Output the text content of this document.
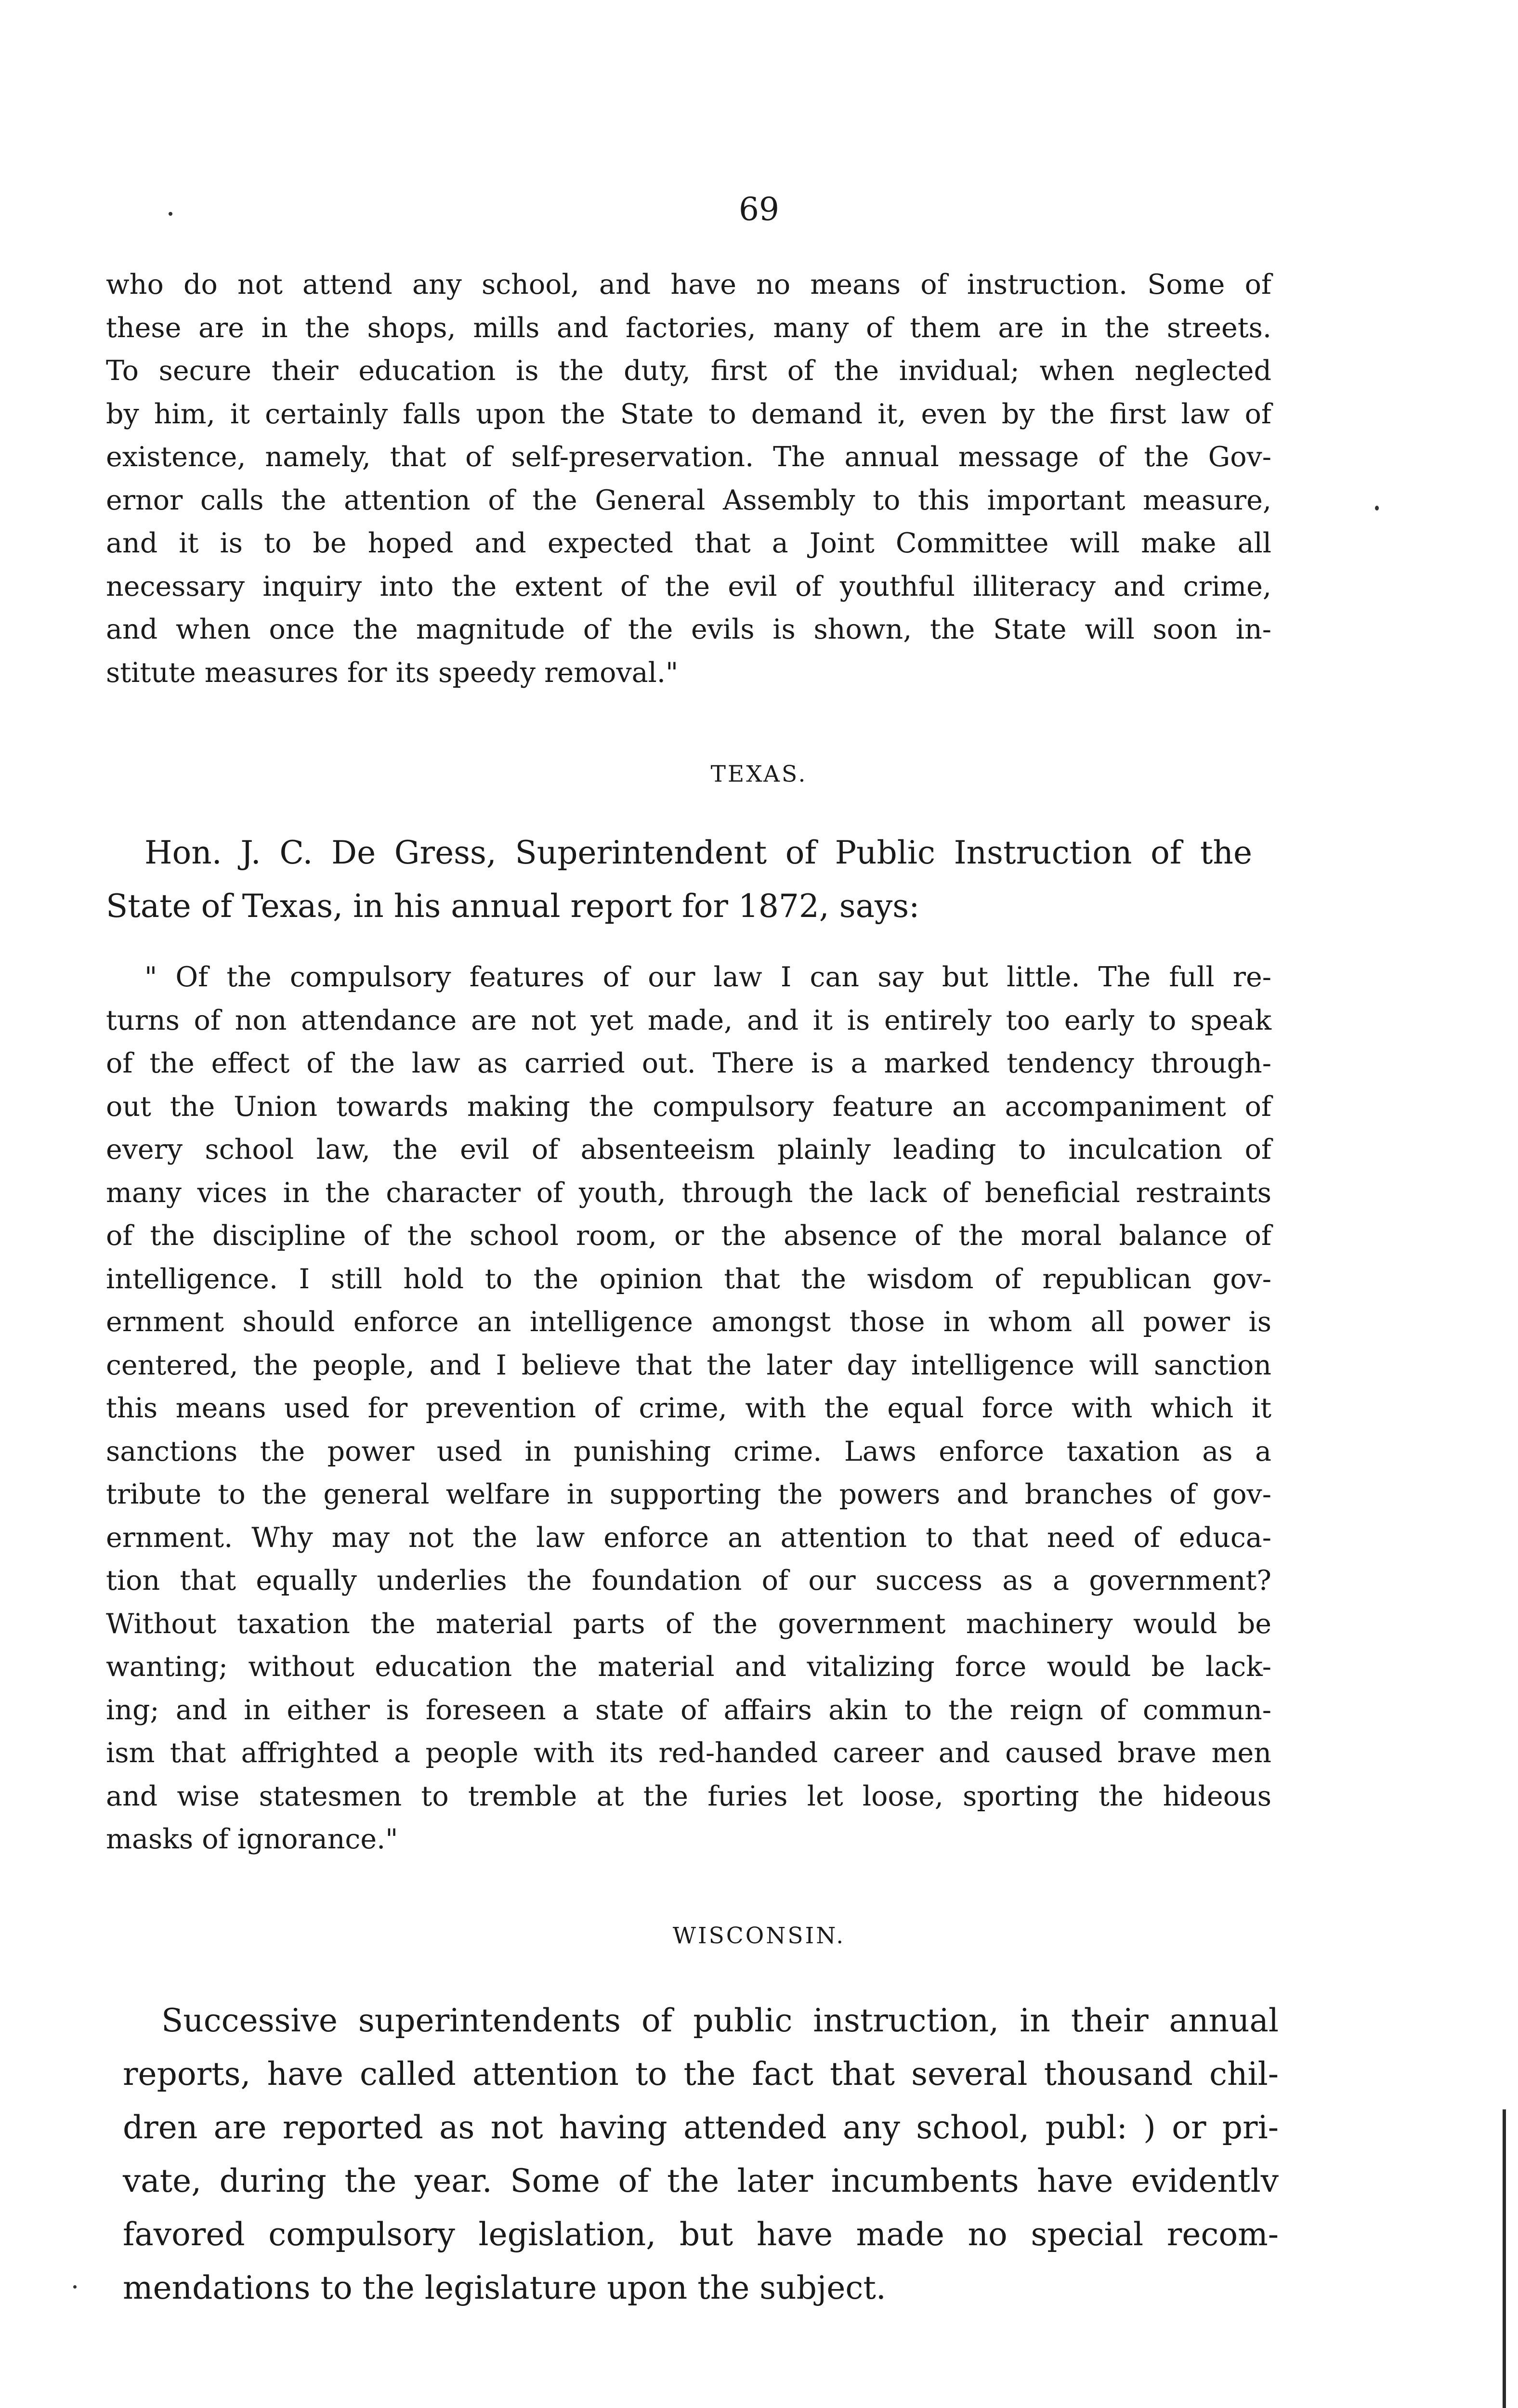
69
who do not attend any school, and have no means of instruction. Some of
these are in the shops, mills and factories, many of them are in the streets.
To secure their education is the duty, first of the invidual; when neglected
by him, it certainly falls upon the State to demand it, even by the first law of
existence, namely, that of self-preservation. The annual message of the Gov-
ernor calls the attention of the General Assembly to this important measure,
and it is to be hoped and expected that a Joint Committee will make all
necessary inquiry into the extent of the evil of youthful illiteracy and crime,
and when once the magnitude of the evils is shown, the State will soon in-
stitute measures for its speedy removal."
TEXAS.
Hon. J. C. De Gress, Superintendent of Public Instruction of the
State of Texas, in his annual report for 1872, says:
" Of the compulsory features of our law I can say but little. The full re-
turns of non attendance are not yet made, and it is entirely too early to speak
of the effect of the law as carried out. There is a marked tendency through-
out the Union towards making the compulsory feature an accompaniment of
every school law, the evil of absenteeism plainly leading to inculcation of
many vices in the character of youth, through the lack of beneficial restraints
of the discipline of the school room, or the absence of the moral balance of
intelligence. I still hold to the opinion that the wisdom of republican gov-
ernment should enforce an intelligence amongst those in whom all power is
centered, the people, and I believe that the later day intelligence will sanction
this means used for prevention of crime, with the equal force with which it
sanctions the power used in punishing crime. Laws enforce taxation as a
tribute to the general welfare in supporting the powers and branches of gov-
ernment. Why may not the law enforce an attention to that need of educa-
tion that equally underlies the foundation of our success as a government?
Without taxation the material parts of the government machinery would be
wanting; without education the material and vitalizing force would be lack-
ing; and in either is foreseen a state of affairs akin to the reign of commun-
ism that affrighted a people with its red-handed career and caused brave men
and wise statesmen to tremble at the furies let loose, sporting the hideous
masks of ignorance."
WISCONSIN.
Successive superintendents of public instruction, in their annual
reports, have called attention to the fact that several thousand chil-
dren are reported as not having attended any school, publ: ) or pri-
vate, during the year. Some of the later incumbents have evidentlv
favored compulsory legislation, but have made no special recom-
mendations to the legislature upon the subject.
